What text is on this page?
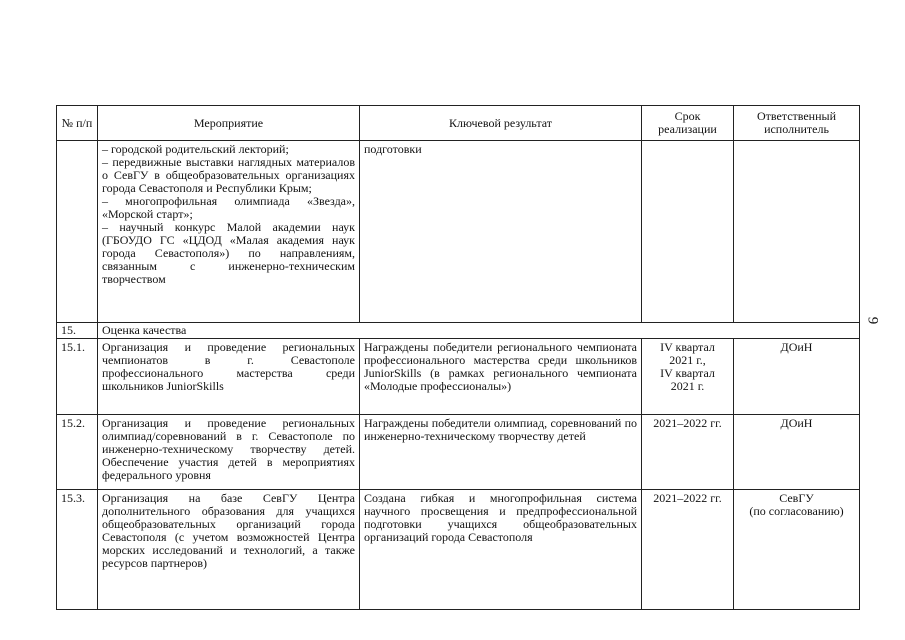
№ п/п	Мероприятие	Ключевой результат	Срок реализации	Ответственный исполнитель

	– городской родительский лекторий;
– передвижные выставки наглядных материалов о СевГУ в общеобразовательных организациях города Севастополя и Республики Крым;
– многопрофильная олимпиада «Звезда», «Морской старт»;
– научный конкурс Малой академии наук (ГБОУДО ГС «ЦДОД «Малая академия наук города Севастополя») по направлениям, связанным с инженерно-техническим творчеством	подготовки		
15.	Оценка качества			
15.1.	Организация и проведение региональных чемпионатов в г. Севастополе профессионального мастерства среди школьников JuniorSkills	Награждены победители регионального чемпионата профессионального мастерства среди школьников JuniorSkills (в рамках регионального чемпионата «Молодые профессионалы»)	IV квартал
2021 г.,
IV квартал
2021 г.	ДОиН

15.2.	Организация и проведение региональных олимпиад/соревнований в г. Севастополе по инженерно-техническому творчеству детей. Обеспечение участия детей в мероприятиях федерального уровня	Награждены победители олимпиад, соревнований по инженерно-техническому творчеству детей	2021–2022 гг.	ДОиН

15.3.	Организация на базе СевГУ Центра дополнительного образования для учащихся общеобразовательных организаций города Севастополя (с учетом возможностей Центра морских исследований и технологий, а также ресурсов партнеров)	Создана гибкая и многопрофильная система научного просвещения и предпрофессиональной подготовки учащихся общеобразовательных организаций города Севастополя	2021–2022 гг.	СевГУ
(по согласованию)
9
